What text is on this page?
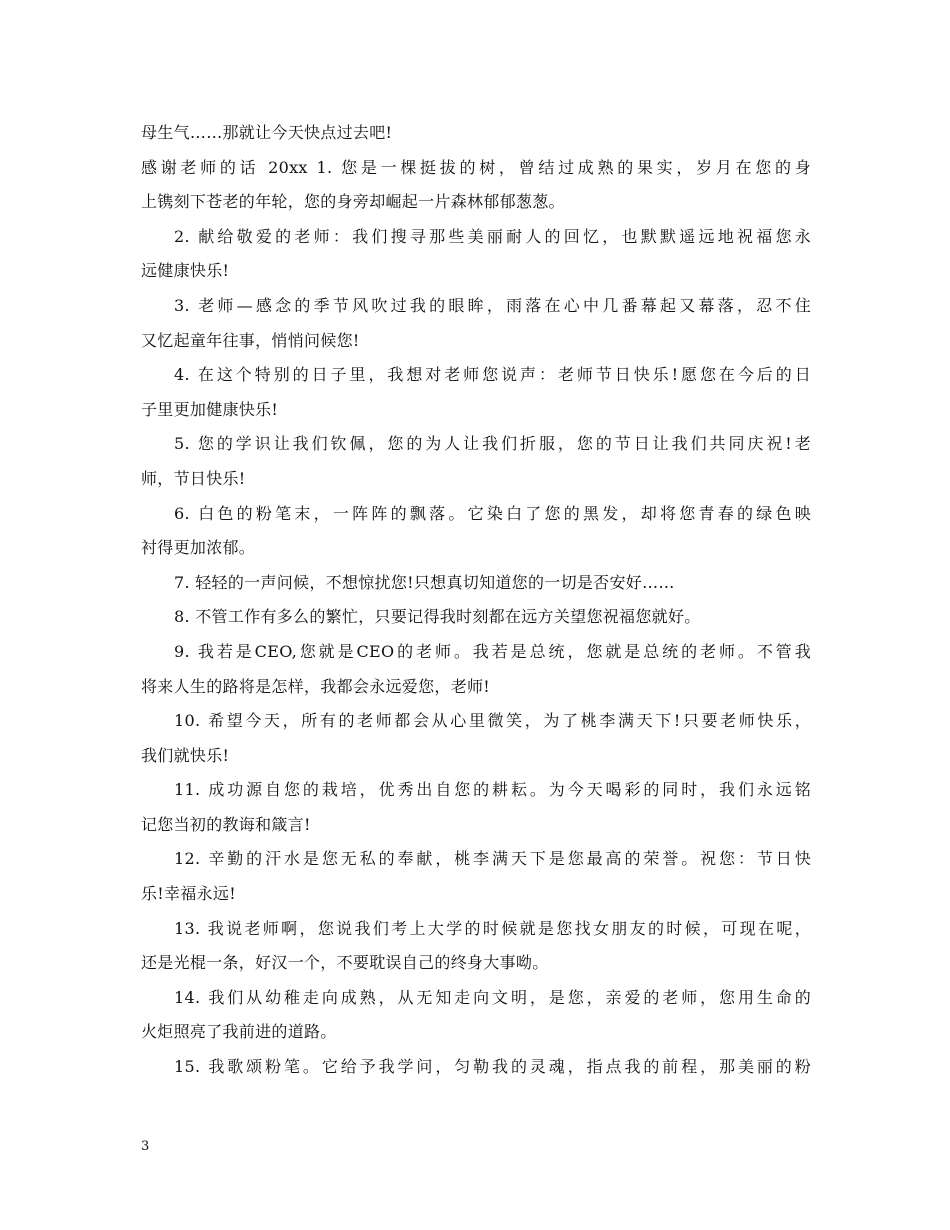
母生气……那就让今天快点过去吧!
感谢老师的话 20xx 1. 您是一棵挺拔的树，曾结过成熟的果实，岁月在您的身
上镌刻下苍老的年轮，您的身旁却崛起一片森林郁郁葱葱。
2. 献给敬爱的老师：我们搜寻那些美丽耐人的回忆，也默默遥远地祝福您永
远健康快乐!
3. 老师—感念的季节风吹过我的眼眸，雨落在心中几番幕起又幕落，忍不住
又忆起童年往事，悄悄问候您!
4. 在这个特别的日子里，我想对老师您说声：老师节日快乐!愿您在今后的日
子里更加健康快乐!
5. 您的学识让我们钦佩，您的为人让我们折服，您的节日让我们共同庆祝!老
师，节日快乐!
6. 白色的粉笔末，一阵阵的飘落。它染白了您的黑发，却将您青春的绿色映
衬得更加浓郁。
7. 轻轻的一声问候，不想惊扰您!只想真切知道您的一切是否安好……
8. 不管工作有多么的繁忙，只要记得我时刻都在远方关望您祝福您就好。
9. 我若是CEO,您就是CEO的老师。我若是总统，您就是总统的老师。不管我
将来人生的路将是怎样，我都会永远爱您，老师!
10. 希望今天，所有的老师都会从心里微笑，为了桃李满天下!只要老师快乐，
我们就快乐!
11. 成功源自您的栽培，优秀出自您的耕耘。为今天喝彩的同时，我们永远铭
记您当初的教诲和箴言!
12. 辛勤的汗水是您无私的奉献，桃李满天下是您最高的荣誉。祝您：节日快
乐!幸福永远!
13. 我说老师啊，您说我们考上大学的时候就是您找女朋友的时候，可现在呢，
还是光棍一条，好汉一个，不要耽误自己的终身大事呦。
14. 我们从幼稚走向成熟，从无知走向文明，是您，亲爱的老师，您用生命的
火炬照亮了我前进的道路。
15. 我歌颂粉笔。它给予我学问，匀勒我的灵魂，指点我的前程，那美丽的粉
3
